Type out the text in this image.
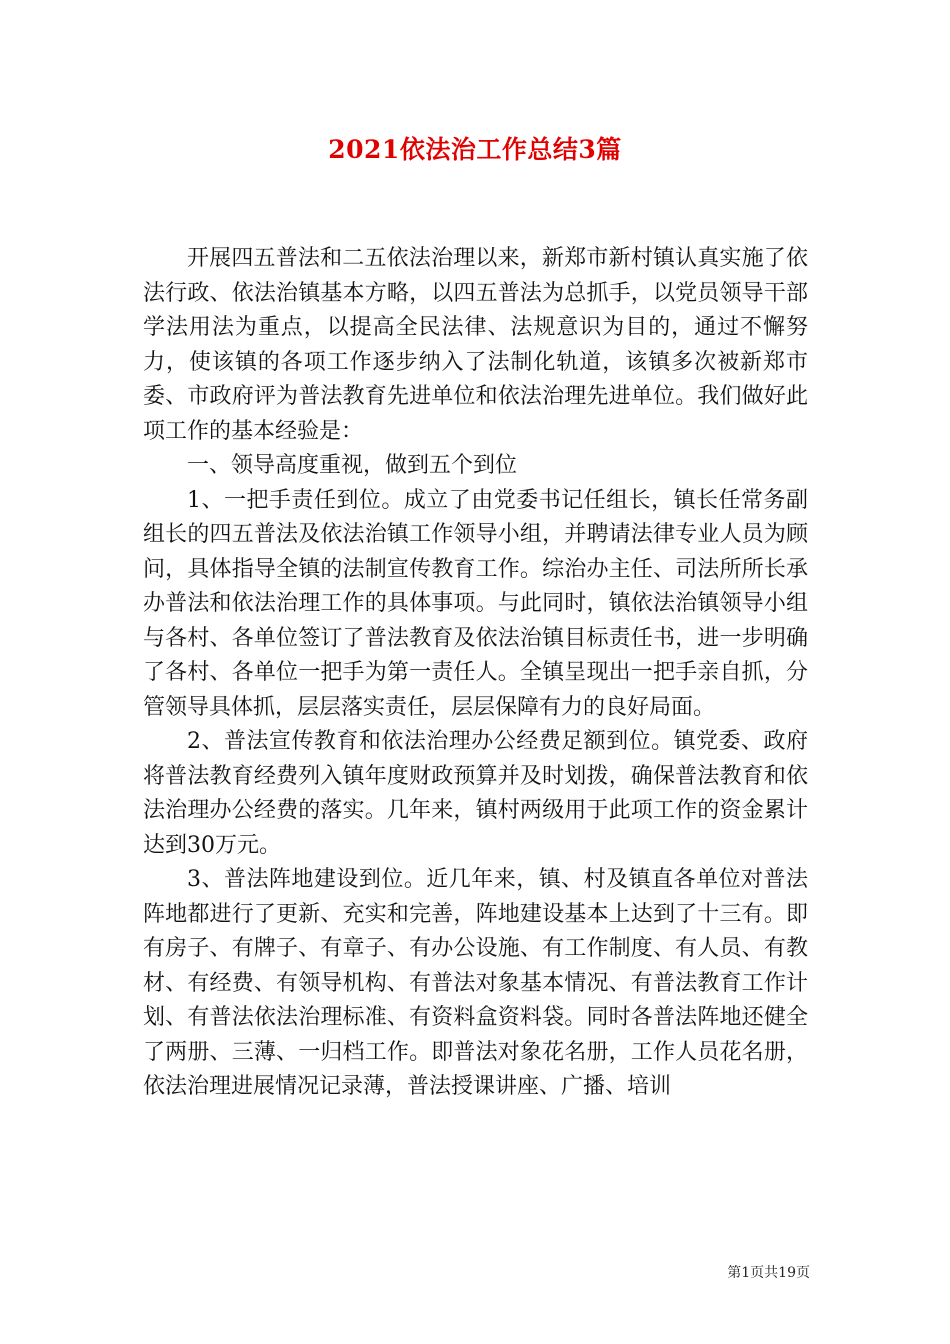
2021依法治工作总结3篇

开展四五普法和二五依法治理以来，新郑市新村镇认真实施了依法行政、依法治镇基本方略，以四五普法为总抓手，以党员领导干部学法用法为重点，以提高全民法律、法规意识为目的，通过不懈努力，使该镇的各项工作逐步纳入了法制化轨道，该镇多次被新郑市委、市政府评为普法教育先进单位和依法治理先进单位。我们做好此项工作的基本经验是：

一、领导高度重视，做到五个到位

1、一把手责任到位。成立了由党委书记任组长，镇长任常务副组长的四五普法及依法治镇工作领导小组，并聘请法律专业人员为顾问，具体指导全镇的法制宣传教育工作。综治办主任、司法所所长承办普法和依法治理工作的具体事项。与此同时，镇依法治镇领导小组与各村、各单位签订了普法教育及依法治镇目标责任书，进一步明确了各村、各单位一把手为第一责任人。全镇呈现出一把手亲自抓，分管领导具体抓，层层落实责任，层层保障有力的良好局面。

2、普法宣传教育和依法治理办公经费足额到位。镇党委、政府将普法教育经费列入镇年度财政预算并及时划拨，确保普法教育和依法治理办公经费的落实。几年来，镇村两级用于此项工作的资金累计达到30万元。

3、普法阵地建设到位。近几年来，镇、村及镇直各单位对普法阵地都进行了更新、充实和完善，阵地建设基本上达到了十三有。即有房子、有牌子、有章子、有办公设施、有工作制度、有人员、有教材、有经费、有领导机构、有普法对象基本情况、有普法教育工作计划、有普法依法治理标准、有资料盒资料袋。同时各普法阵地还健全了两册、三薄、一归档工作。即普法对象花名册，工作人员花名册，依法治理进展情况记录薄，普法授课讲座、广播、培训

第1页共19页
